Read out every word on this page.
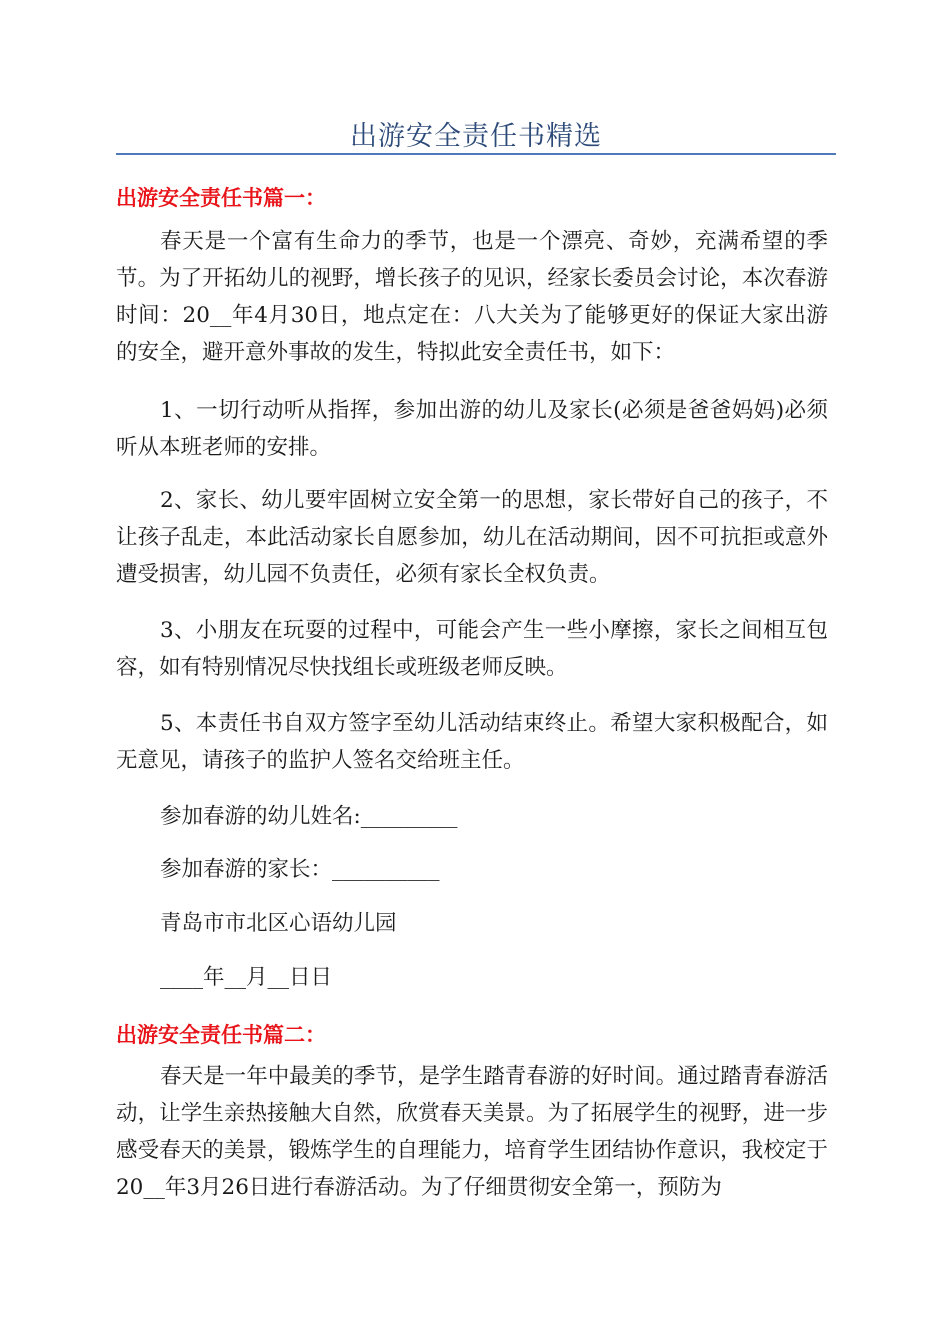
出游安全责任书精选
出游安全责任书篇一：

春天是一个富有生命力的季节，也是一个漂亮、奇妙，充满希望的季节。为了开拓幼儿的视野，增长孩子的见识，经家长委员会讨论，本次春游时间：20__年4月30日，地点定在：八大关为了能够更好的保证大家出游的安全，避开意外事故的发生，特拟此安全责任书，如下：

1、一切行动听从指挥，参加出游的幼儿及家长(必须是爸爸妈妈)必须听从本班老师的安排。

2、家长、幼儿要牢固树立安全第一的思想，家长带好自己的孩子，不让孩子乱走，本此活动家长自愿参加，幼儿在活动期间，因不可抗拒或意外遭受损害，幼儿园不负责任，必须有家长全权负责。

3、小朋友在玩耍的过程中，可能会产生一些小摩擦，家长之间相互包容，如有特别情况尽快找组长或班级老师反映。

5、本责任书自双方签字至幼儿活动结束终止。希望大家积极配合，如无意见，请孩子的监护人签名交给班主任。

参加春游的幼儿姓名:_________

参加春游的家长：__________

青岛市市北区心语幼儿园

____年__月__日日

出游安全责任书篇二：

春天是一年中最美的季节，是学生踏青春游的好时间。通过踏青春游活动，让学生亲热接触大自然，欣赏春天美景。为了拓展学生的视野，进一步感受春天的美景，锻炼学生的自理能力，培育学生团结协作意识，我校定于20__年3月26日进行春游活动。为了仔细贯彻安全第一，预防为
